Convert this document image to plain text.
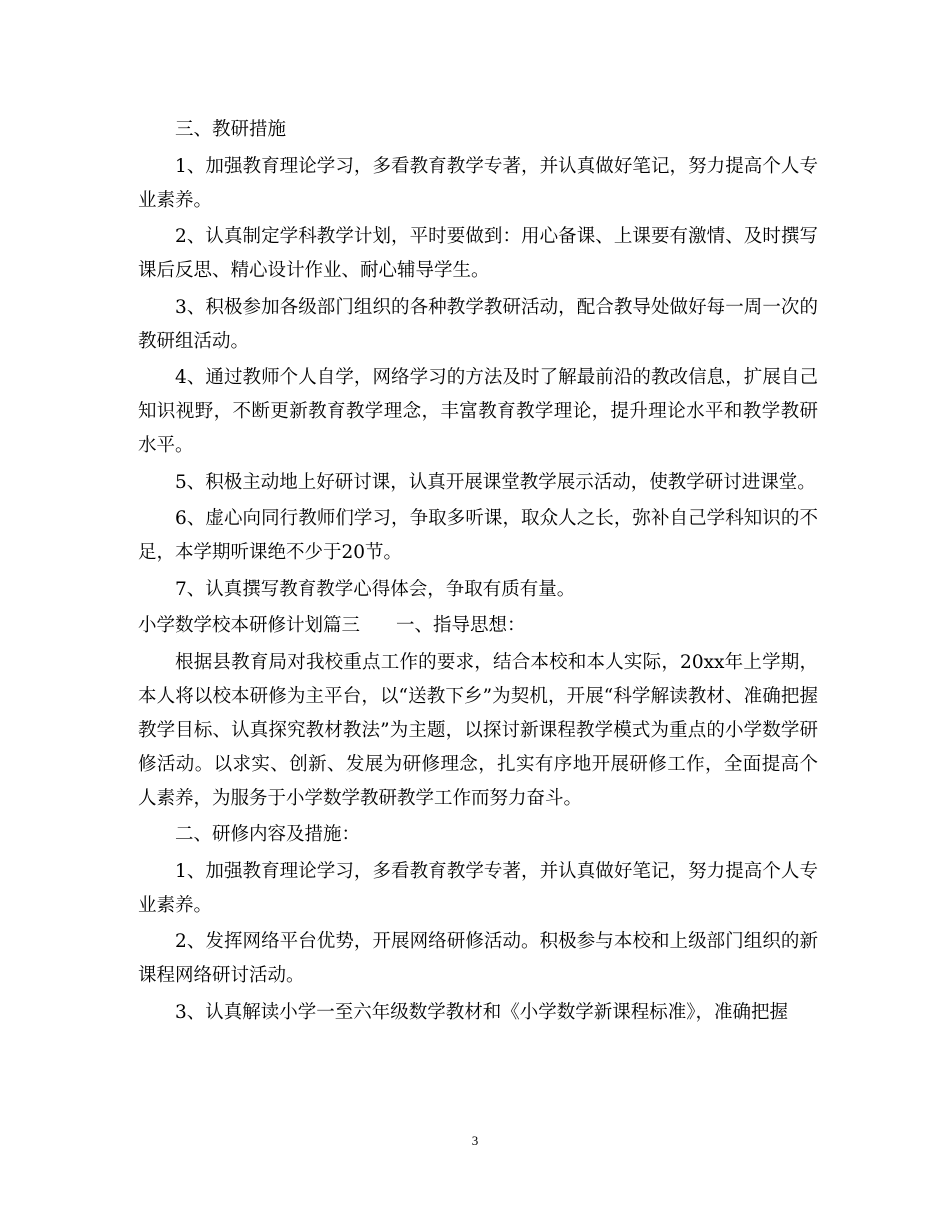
三、教研措施

1、加强教育理论学习，多看教育教学专著，并认真做好笔记，努力提高个人专业素养。

2、认真制定学科教学计划，平时要做到：用心备课、上课要有激情、及时撰写课后反思、精心设计作业、耐心辅导学生。

3、积极参加各级部门组织的各种教学教研活动，配合教导处做好每一周一次的教研组活动。

4、通过教师个人自学，网络学习的方法及时了解最前沿的教改信息，扩展自己知识视野，不断更新教育教学理念，丰富教育教学理论，提升理论水平和教学教研水平。

5、积极主动地上好研讨课，认真开展课堂教学展示活动，使教学研讨进课堂。

6、虚心向同行教师们学习，争取多听课，取众人之长，弥补自己学科知识的不足，本学期听课绝不少于20节。

7、认真撰写教育教学心得体会，争取有质有量。

小学数学校本研修计划篇三 一、指导思想：

根据县教育局对我校重点工作的要求，结合本校和本人实际，20xx年上学期，本人将以校本研修为主平台，以“送教下乡”为契机，开展“科学解读教材、准确把握教学目标、认真探究教材教法”为主题，以探讨新课程教学模式为重点的小学数学研修活动。以求实、创新、发展为研修理念，扎实有序地开展研修工作，全面提高个人素养，为服务于小学数学教研教学工作而努力奋斗。

二、研修内容及措施：

1、加强教育理论学习，多看教育教学专著，并认真做好笔记，努力提高个人专业素养。

2、发挥网络平台优势，开展网络研修活动。积极参与本校和上级部门组织的新课程网络研讨活动。

3、认真解读小学一至六年级数学教材和《小学数学新课程标准》，准确把握

3
